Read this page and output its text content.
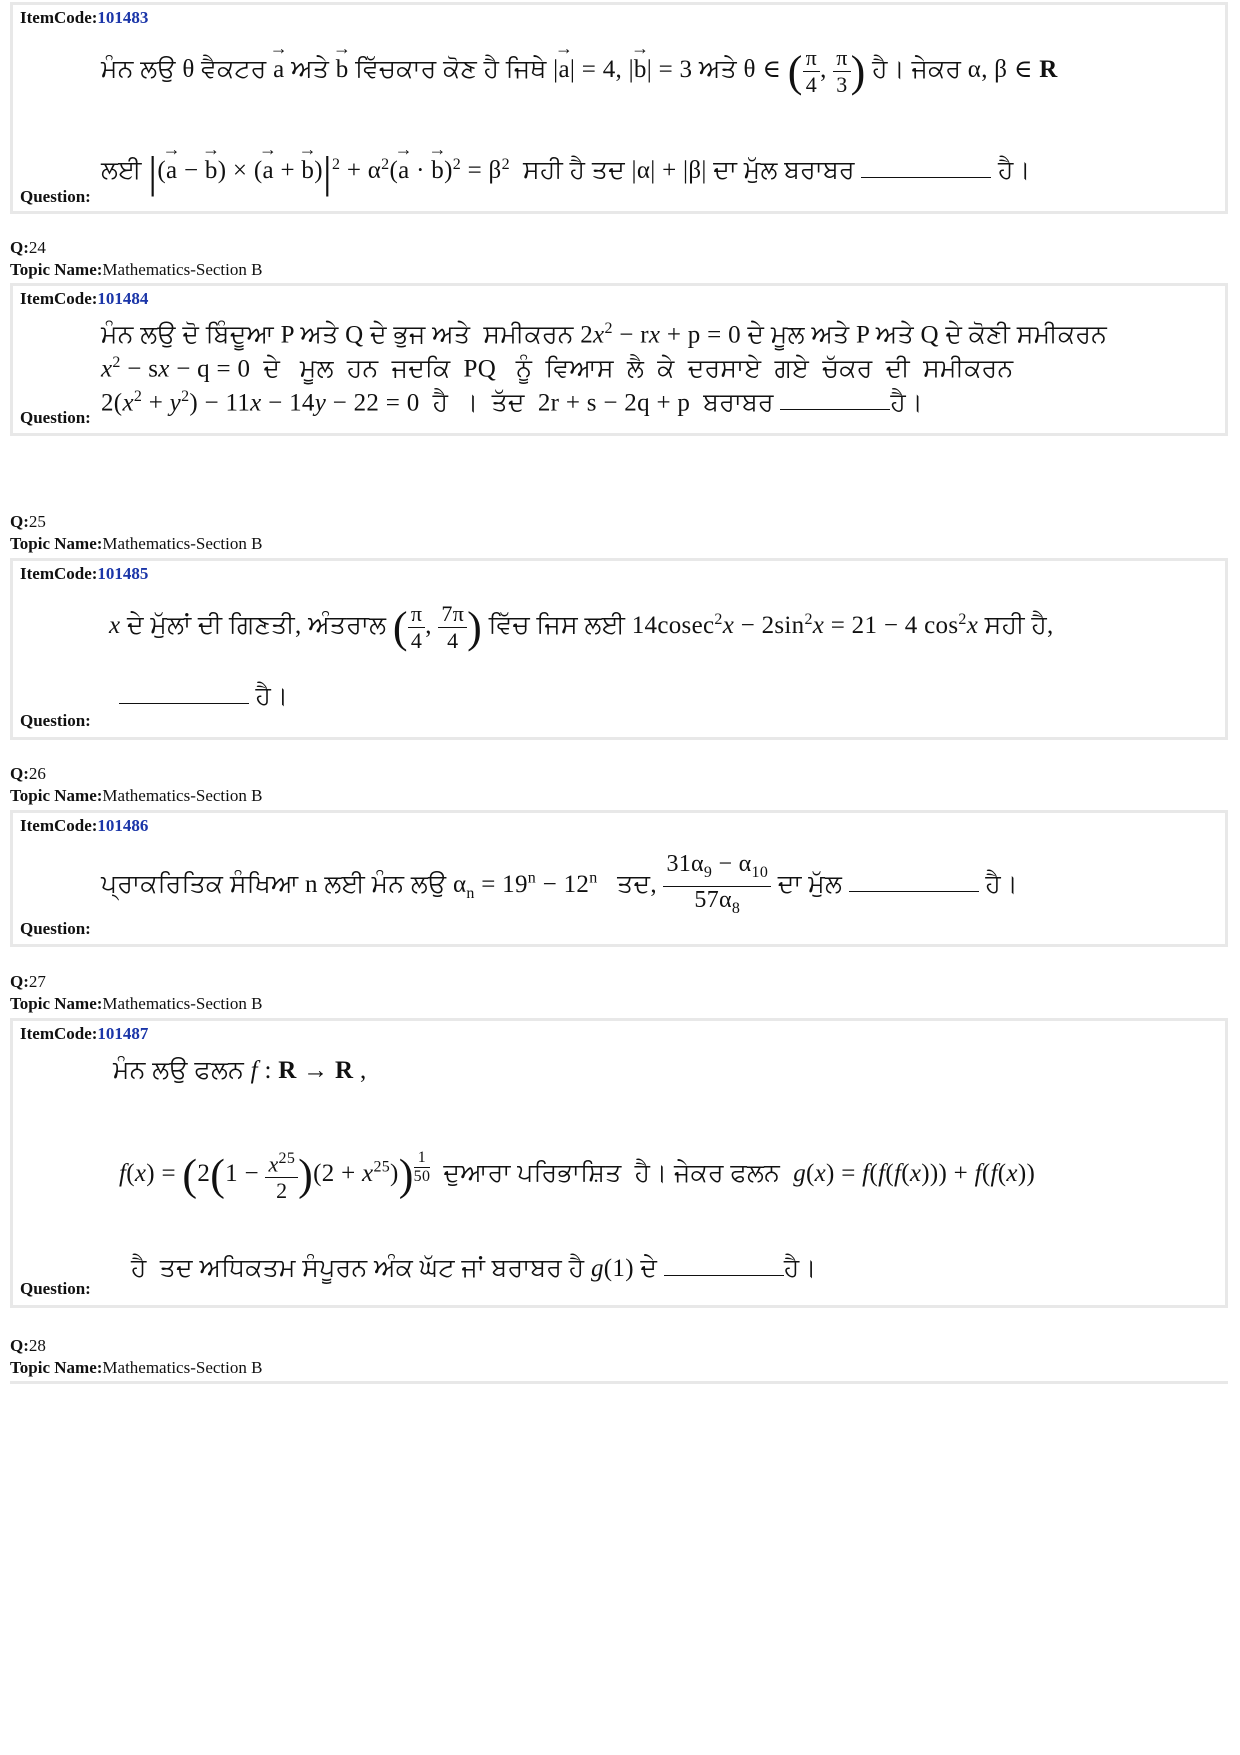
ItemCode:101483
ਮੰਨ ਲਉ θ ਵੈਕਟਰ
→
a ਅਤੇ
→
b ਵਿੱਚਕਾਰ ਕੋਣ ਹੈ ਜਿਥੇ |
→
a| = 4, |
→
b| = 3 ਅਤੇ θ ∈ ( $\frac{\pi}{4}$ , $\frac{\pi}{3}$ ) ਹੈ। ਜੇਕਰ α, β ∈ R
ਲਈ |(
→
a −
→
b) × (
→
a +
→
$b)|^2 + \alpha^2$(
→
a ·
→
$b)^2 = \beta^2$  ਸਹੀ ਹੈ ਤਦ |α| + |β| ਦਾ ਮੁੱਲ ਬਰਾਬਰ	ਹੈ।
Question:
Q:24
Topic Name:Mathematics-Section B
ItemCode:101484
ਮੰਨ ਲਉ ਦੋ ਬਿੰਦੂਆ P ਅਤੇ Q ਦੇ ਭੁਜ ਅਤੇ  ਸਮੀਕਰਨ $2x^2$ − rx + p = 0 ਦੇ ਮੂਲ ਅਤੇ P ਅਤੇ Q ਦੇ ਕੋਣੀ ਸਮੀਕਰਨ
$x^2$ − sx − q = 0  ਦੇ   ਮੂਲ  ਹਨ  ਜਦਕਿ  PQ   ਨੂੰ  ਵਿਆਸ  ਲੈ  ਕੇ  ਦਰਸਾਏ  ਗਏ  ਚੱਕਰ  ਦੀ  ਸਮੀਕਰਨ
$2(x^2 + y^2) - 11x - 14y - 22 = 0$  ਹੈ  ।  ਤੱਦ  2r + s − 2q + p  ਬਰਾਬਰ	ਹੈ।
Question:
Q:25
Topic Name:Mathematics-Section B
ItemCode:101485
x ਦੇ ਮੁੱਲਾਂ ਦੀ ਗਿਣਤੀ, ਅੰਤਰਾਲ ( $\frac{\pi}{4}$ , $\frac{7\pi}{4}$ ) ਵਿੱਚ ਜਿਸ ਲਈ $14cosec^2x - 2\sin^2x = 21 - 4$ $\cos^2x$ ਸਹੀ ਹੈ,
ਹੈ।
Question:
Q:26
Topic Name:Mathematics-Section B
ItemCode:101486
ਪ੍ਰਾਕਰਿਤਿਕ ਸੰਖਿਆ n ਲਈ ਮੰਨ ਲਉ $\alpha_n = 19^n - 12^n$   ਤਦ, $\frac{31\alpha_9 - \alpha_{10}}{57\alpha_8}$ ਦਾ ਮੁੱਲ	ਹੈ।
Question:
Q:27
Topic Name:Mathematics-Section B
ItemCode:101487
ਮੰਨ ਲਉ ਫਲਨ f : R → R ,
$f(x) = (2(1 - \frac{x^{25}}{2} )(2 + x^{25}))$ $^{\frac{1}{50}}$ ਦੁਆਰਾ ਪਰਿਭਾਸ਼ਿਤ  ਹੈ। ਜੇਕਰ ਫਲਨ  g(x) = f(f(f(x))) + f(f(x))
ਹੈ  ਤਦ ਅਧਿਕਤਮ ਸੰਪੂਰਨ ਅੰਕ ਘੱਟ ਜਾਂ ਬਰਾਬਰ ਹੈ g(1) ਦੇ	ਹੈ।
Question:
Q:28
Topic Name:Mathematics-Section B
